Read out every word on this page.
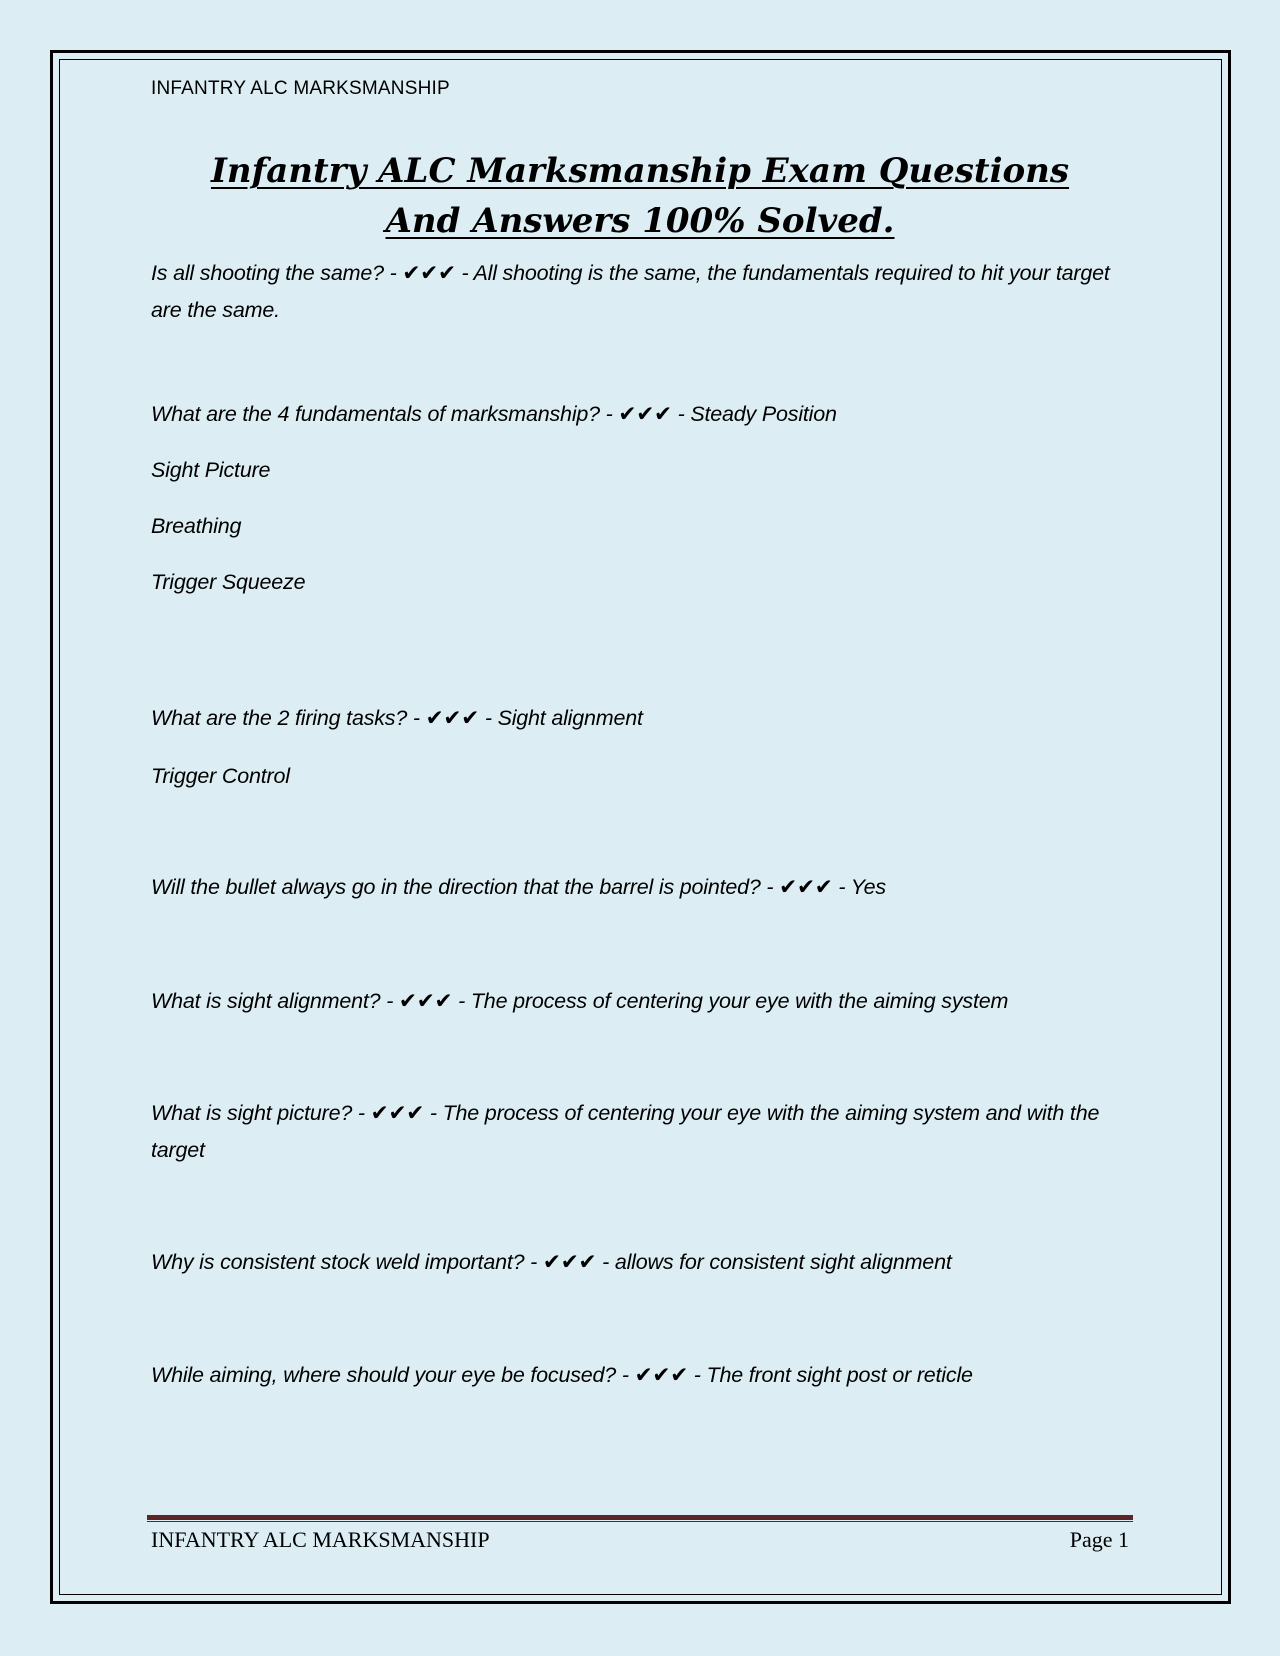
INFANTRY ALC MARKSMANSHIP
Infantry ALC Marksmanship Exam Questions
And Answers 100% Solved.

Is all shooting the same? - ✔✔✔ - All shooting is the same, the fundamentals required to hit your target are the same.

What are the 4 fundamentals of marksmanship? - ✔✔✔ - Steady Position

Sight Picture

Breathing

Trigger Squeeze

What are the 2 firing tasks? - ✔✔✔ - Sight alignment

Trigger Control

Will the bullet always go in the direction that the barrel is pointed? - ✔✔✔ - Yes

What is sight alignment? - ✔✔✔ - The process of centering your eye with the aiming system

What is sight picture? - ✔✔✔ - The process of centering your eye with the aiming system and with the target

Why is consistent stock weld important? - ✔✔✔ - allows for consistent sight alignment

While aiming, where should your eye be focused? - ✔✔✔ - The front sight post or reticle

INFANTRY ALC MARKSMANSHIP	Page 1
